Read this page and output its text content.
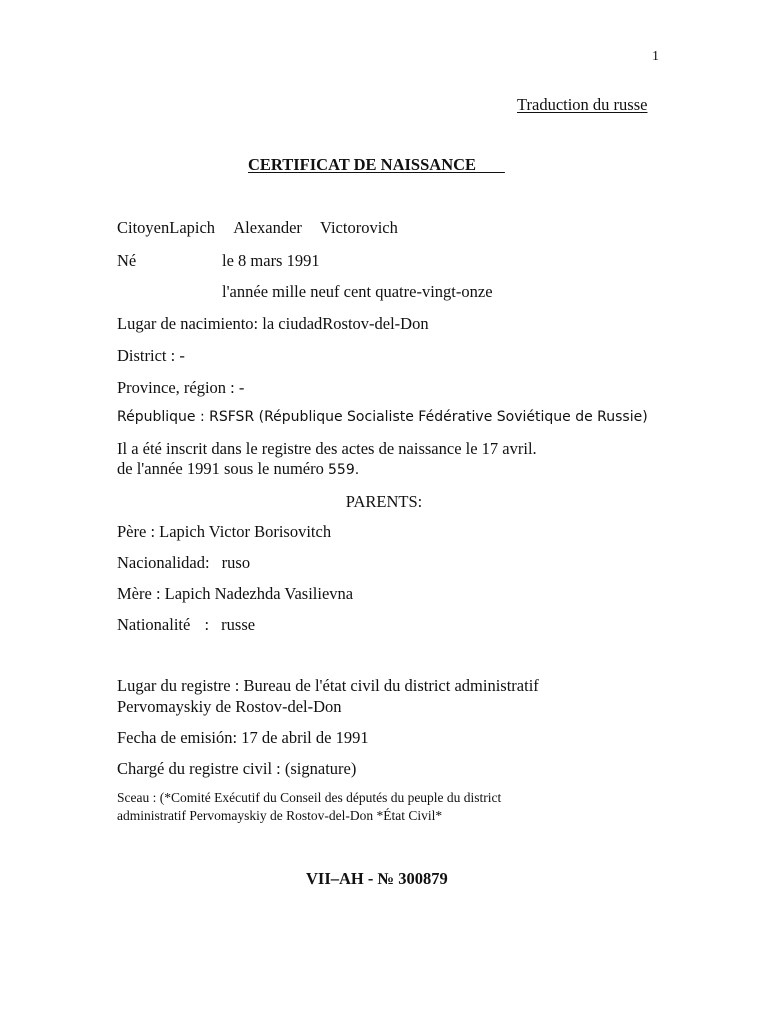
1
Traduction du russe
CERTIFICAT DE NAISSANCE
CitoyenLapich Alexander Victorovich
Né	le 8 mars 1991
l'année mille neuf cent quatre-vingt-onze
Lugar de nacimiento: la ciudadRostov-del-Don
District : -
Province, région : -
République : RSFSR (République Socialiste Fédérative Soviétique de Russie)
Il a été inscrit dans le registre des actes de naissance le 17 avril.
de l'année 1991 sous le numéro 559.
PARENTS:
Père : Lapich Victor Borisovitch
Nacionalidad: ruso
Mère : Lapich Nadezhda Vasilievna
Nationalité : russe
Lugar du registre : Bureau de l'état civil du district administratif
Pervomayskiy de Rostov-del-Don
Fecha de emisión: 17 de abril de 1991
Chargé du registre civil : (signature)
Sceau : (*Comité Exécutif du Conseil des députés du peuple du district
administratif Pervomayskiy de Rostov-del-Don *État Civil*
VII–AH - № 300879
